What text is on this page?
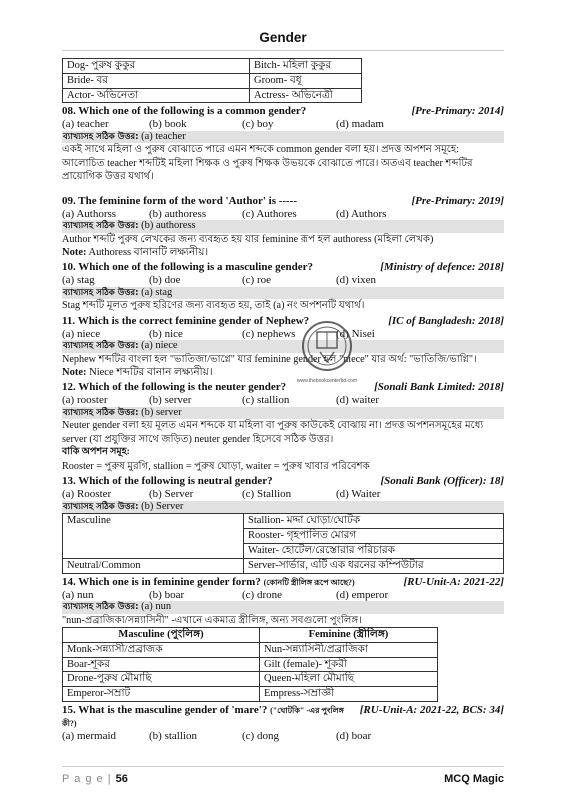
Gender
Dog- পুরুষ কুকুর	Bitch- মহিলা কুকুর
Bride- বর	Groom- বধূ
Actor- অভিনেতা	Actress- অভিনেত্রী
08. Which one of the following is a common gender?	[Pre-Primary: 2014]
(a) teacher	(b) book	(c) boy	(d) madam
ব্যাখ্যাসহ সঠিক উত্তর: (a) teacher
একই সাথে মহিলা ও পুরুষ বোঝাতে পারে এমন শব্দকে common gender বলা হয়। প্রদত্ত অপশন সমূহে: আলোচিত teacher শব্দটিই মহিলা শিক্ষক ও পুরুষ শিক্ষক উভয়কে বোঝাতে পারে। অতএব teacher শব্দটির প্রায়োগিক উত্তর যথার্থ।
09. The feminine form of the word 'Author' is -----	[Pre-Primary: 2019]
(a) Authorss	(b) authoress	(c) Authores	(d) Authors
ব্যাখ্যাসহ সঠিক উত্তর: (b) authoress
Author শব্দটি পুরুষ লেখকের জন্য ব্যবহৃত হয় যার feminine রূপ হল authoress (মহিলা লেখক)
Note: Authoress বানানটি লক্ষ্যনীয়।
10. Which one of the following is a masculine gender?	[Ministry of defence: 2018]
(a) stag	(b) doe	(c) roe	(d) vixen
ব্যাখ্যাসহ সঠিক উত্তর: (a) stag
Stag শব্দটি মূলত পুরুষ হরিণের জন্য ব্যবহৃত হয়, তাই (a) নং অপশনটি যথার্থ।
11. Which is the correct feminine gender of Nephew?	[IC of Bangladesh: 2018]
(a) niece	(b) nice	(c) nephews	(d) Nisei
ব্যাখ্যাসহ সঠিক উত্তর: (a) niece
Nephew শব্দটির বাংলা হল "ভাতিজা/ভাগ্নে" যার feminine gender হল "niece" যার অর্থ: "ভাতিজি/ভাগ্নি"।
Note: Niece শব্দটির বানান লক্ষ্যনীয়।
12. Which of the following is the neuter gender?	[Sonali Bank Limited: 2018]
(a) rooster	(b) server	(c) stallion	(d) waiter
ব্যাখ্যাসহ সঠিক উত্তর: (b) server
Neuter gender বলা হয় মূলত এমন শব্দকে যা মহিলা বা পুরুষ কাউকেই বোঝায় না। প্রদত্ত অপশনসমূহের মধ্যে server (যা প্রযুক্তির সাথে জড়িত) neuter gender হিসেবে সঠিক উত্তর।
বাকি অপশন সমূহ:
Rooster = পুরুষ মুরগি, stallion = পুরুষ ঘোড়া, waiter = পুরুষ খাবার পরিবেশক
13. Which of the following is neutral gender?	[Sonali Bank (Officer): 18]
(a) Rooster	(b) Server	(c) Stallion	(d) Waiter
ব্যাখ্যাসহ সঠিক উত্তর: (b) Server
Masculine	Stallion- মদ্দা ঘোড়া/ঘোটক
	Rooster- গৃহপালিত মোরগ
	Waiter- হোটেল/রেস্তোরার পরিচারক
Neutral/Common	Server-সার্ভার, এটি এক ধরনের কম্পিউটার
14. Which one is in feminine gender form? (কোনটি স্ত্রীলিঙ্গ রূপে আছে?)	[RU-Unit-A: 2021-22]
(a) nun	(b) boar	(c) drone	(d) emperor
ব্যাখ্যাসহ সঠিক উত্তর: (a) nun
"nun-প্রব্রাজিকা/সন্ন্যাসিনী" -এখানে একমাত্র স্ত্রীলিঙ্গ, অন্য সবগুলো পুংলিঙ্গ।
Masculine (পুংলিঙ্গ)	Feminine (স্ত্রীলিঙ্গ)
Monk-সন্ন্যাসী/প্রব্রাজক	Nun-সন্ন্যাসিনী/প্রব্রাজিকা
Boar-শূকর	Gilt (female)- শূকরী
Drone-পুরুষ মৌমাছি	Queen-মহিলা মৌমাছি
Emperor-সম্রাট	Empress-সম্রাজ্ঞী
15. What is the masculine gender of 'mare'? ("ঘোটকি" -এর পুংলিঙ্গ কী?)
[RU-Unit-A: 2021-22, BCS: 34]
(a) mermaid	(b) stallion	(c) dong	(d) boar
www.thebookcenterbd.com
P a g e | 56	MCQ Magic
